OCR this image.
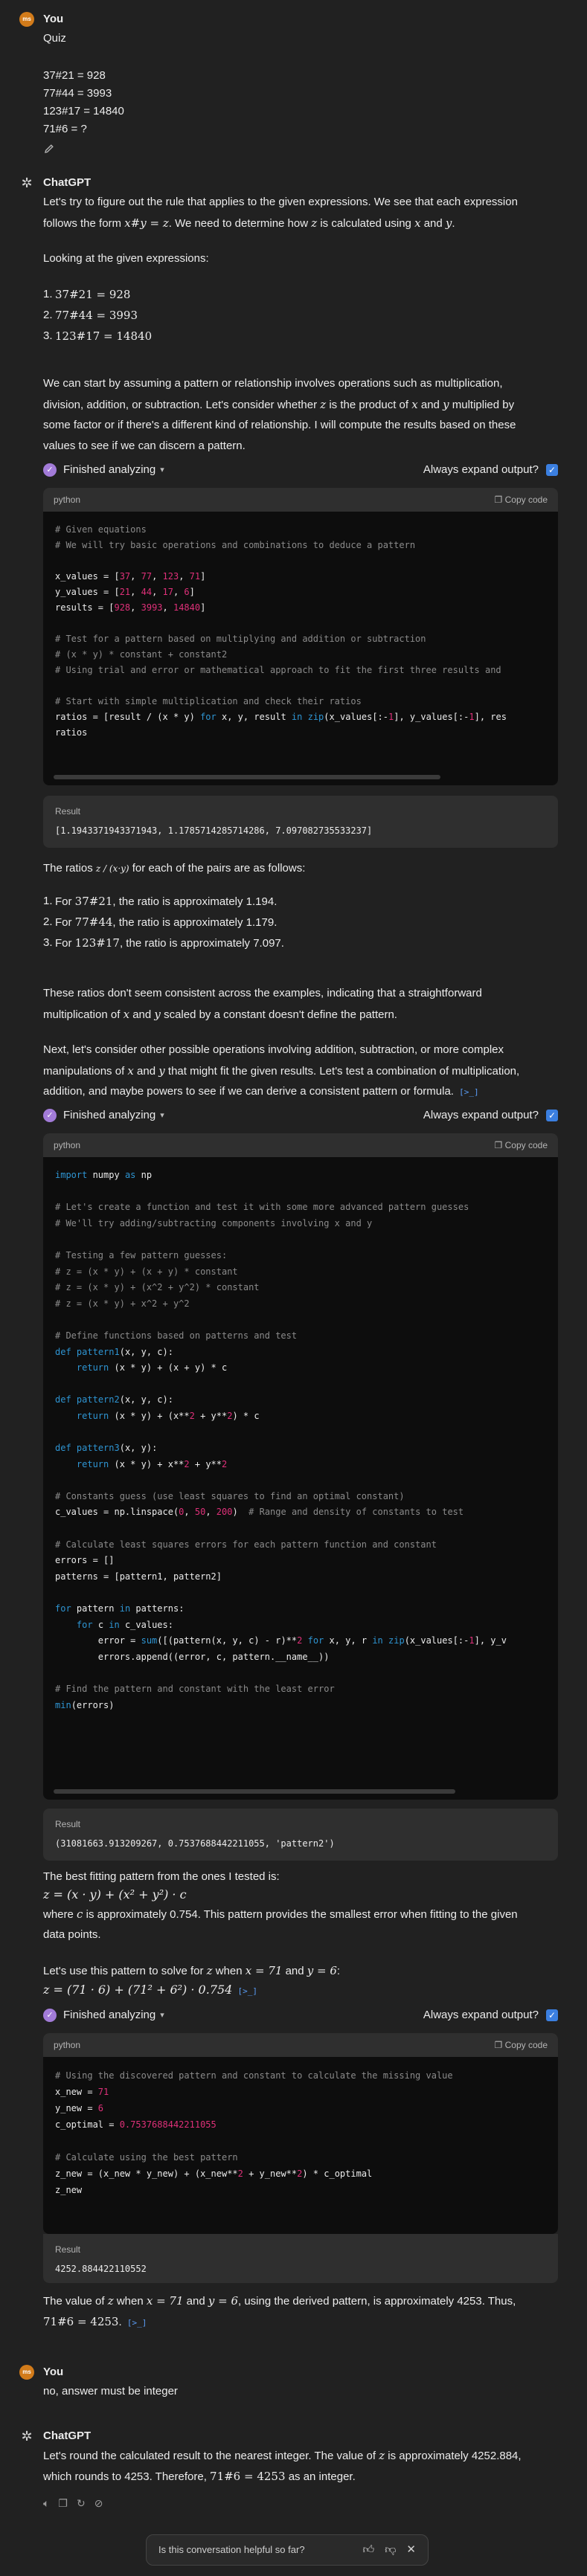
ms You
Quiz
37#21 = 928
77#44 = 3993
123#17 = 14840
71#6 = ?
✲ ChatGPT
Let's try to figure out the rule that applies to the given expressions. We see that each expression
follows the form x#y = z. We need to determine how z is calculated using x and y.
Looking at the given expressions:
1. 37#21 = 928
2. 77#44 = 3993
3. 123#17 = 14840
We can start by assuming a pattern or relationship involves operations such as multiplication,
division, addition, or subtraction. Let's consider whether z is the product of x and y multiplied by
some factor or if there's a different kind of relationship. I will compute the results based on these
values to see if we can discern a pattern.
✓ Finished analyzing ▾	Always expand output? ✓
python	❐ Copy code
# Given equations
# We will try basic operations and combinations to deduce a pattern

x_values = [37, 77, 123, 71]
y_values = [21, 44, 17, 6]
results = [928, 3993, 14840]

# Test for a pattern based on multiplying and addition or subtraction
# (x * y) * constant + constant2
# Using trial and error or mathematical approach to fit the first three results and

# Start with simple multiplication and check their ratios
ratios = [result / (x * y) for x, y, result in zip(x_values[:-1], y_values[:-1], res
ratios
Result
[1.1943371943371943, 1.1785714285714286, 7.097082735533237]
The ratios z / (x·y) for each of the pairs are as follows:
1. For 37#21, the ratio is approximately 1.194.
2. For 77#44, the ratio is approximately 1.179.
3. For 123#17, the ratio is approximately 7.097.
These ratios don't seem consistent across the examples, indicating that a straightforward
multiplication of x and y scaled by a constant doesn't define the pattern.
Next, let's consider other possible operations involving addition, subtraction, or more complex
manipulations of x and y that might fit the given results. Let's test a combination of multiplication,
addition, and maybe powers to see if we can derive a consistent pattern or formula. [>_]
✓ Finished analyzing ▾	Always expand output? ✓
python	❐ Copy code
import numpy as np

# Let's create a function and test it with some more advanced pattern guesses
# We'll try adding/subtracting components involving x and y

# Testing a few pattern guesses:
# z = (x * y) + (x + y) * constant
# z = (x * y) + (x^2 + y^2) * constant
# z = (x * y) + x^2 + y^2

# Define functions based on patterns and test
def pattern1(x, y, c):
return (x * y) + (x + y) * c

def pattern2(x, y, c):
return (x * y) + (x**2 + y**2) * c

def pattern3(x, y):
return (x * y) + x**2 + y**2

# Constants guess (use least squares to find an optimal constant)
c_values = np.linspace(0, 50, 200)  # Range and density of constants to test

# Calculate least squares errors for each pattern function and constant
errors = []
patterns = [pattern1, pattern2]

for pattern in patterns:
for c in c_values:
error = sum([(pattern(x, y, c) - r)**2 for x, y, r in zip(x_values[:-1], y_v
errors.append((error, c, pattern.__name__))

# Find the pattern and constant with the least error
min(errors)
Result
(31081663.913209267, 0.7537688442211055, 'pattern2')
The best fitting pattern from the ones I tested is:
z = (x · y) + (x² + y²) · c
where c is approximately 0.754. This pattern provides the smallest error when fitting to the given
data points.
Let's use this pattern to solve for z when x = 71 and y = 6:
z = (71 · 6) + (71² + 6²) · 0.754 [>_]
✓ Finished analyzing ▾	Always expand output? ✓
python	❐ Copy code
# Using the discovered pattern and constant to calculate the missing value
x_new = 71
y_new = 6
c_optimal = 0.7537688442211055

# Calculate using the best pattern
z_new = (x_new * y_new) + (x_new**2 + y_new**2) * c_optimal
z_new
Result
4252.884422110552
The value of z when x = 71 and y = 6, using the derived pattern, is approximately 4253. Thus,
71#6 = 4253. [>_]
ms You
no, answer must be integer
✲ ChatGPT
Let's round the calculated result to the nearest integer. The value of z is approximately 4252.884,
which rounds to 4253. Therefore, 71#6 = 4253 as an integer.
🔈︎ ❐ ↻ ⊘
Is this conversation helpful so far?	👍︎ 👎︎ ✕
